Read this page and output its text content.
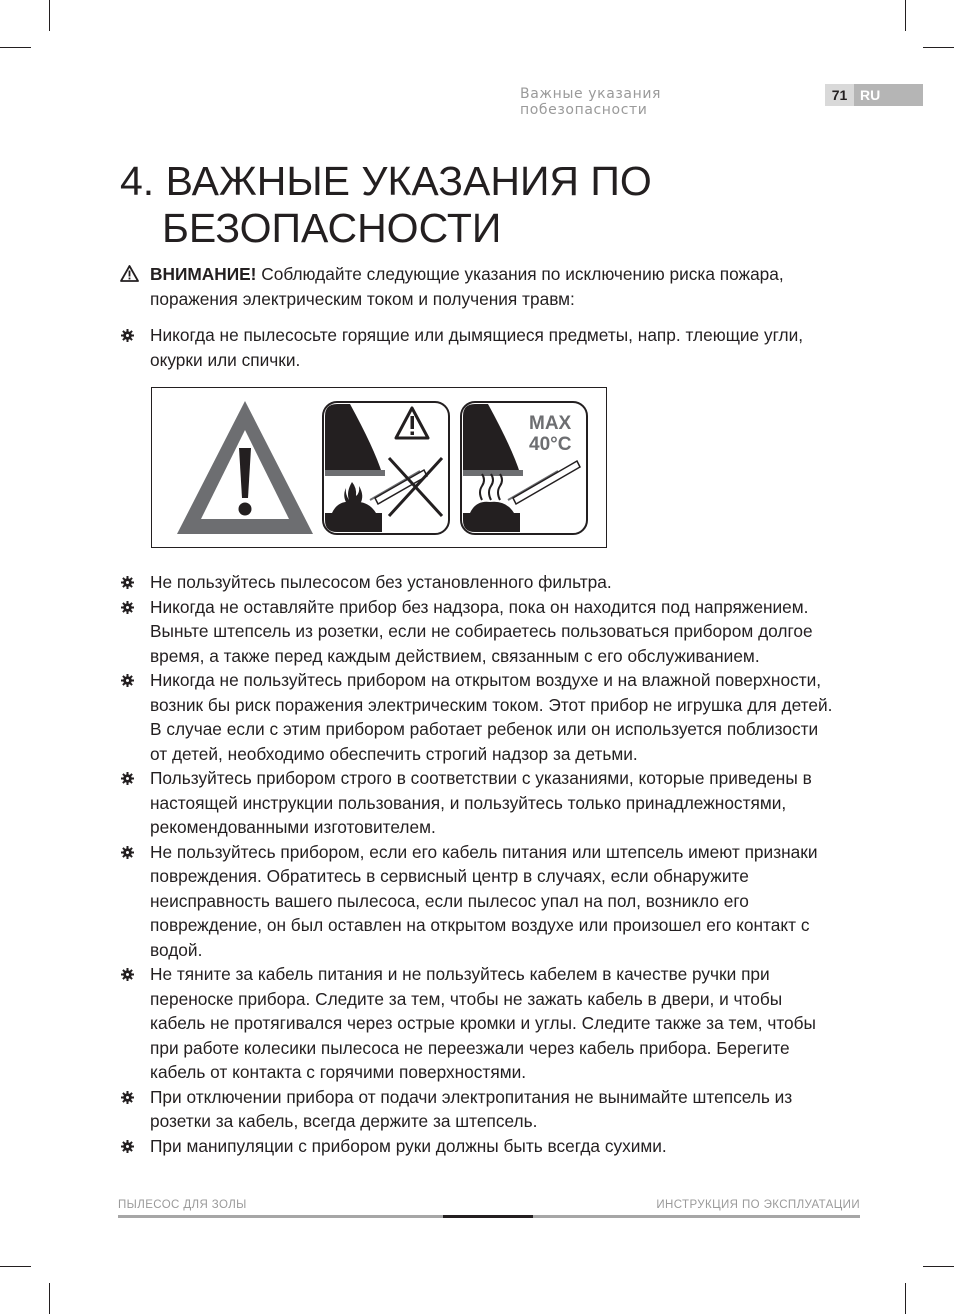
Важные указания побезопасности
71 RU
4. ВАЖНЫЕ УКАЗАНИЯ ПО
БЕЗОПАСНОСТИ
ВНИМАНИЕ! Соблюдайте следующие указания по исключению риска пожара, поражения электрическим током и получения травм:
Никогда не пылесосьте горящие или дымящиеся предметы, напр. тлеющие угли, окурки или спички.
MAX
40°C
Не пользуйтесь пылесосом без установленного фильтра.
Никогда не оставляйте прибор без надзора, пока он находится под напряжением. Выньте штепсель из розетки, если не собираетесь пользоваться прибором долгое время, а также перед каждым действием, связанным с его обслуживанием.
Никогда не пользуйтесь прибором на открытом воздухе и на влажной поверхности, возник бы риск поражения электрическим током. Этот прибор не игрушка для детей. В случае если с этим прибором работает ребенок или он используется поблизости от детей, необходимо обеспечить строгий надзор за детьми.
Пользуйтесь прибором строго в соответствии с указаниями, которые приведены в настоящей инструкции пользования, и пользуйтесь только принадлежностями, рекомендованными изготовителем.
Не пользуйтесь прибором, если его кабель питания или штепсель имеют признаки повреждения. Обратитесь в сервисный центр в случаях, если обнаружите неисправность вашего пылесоса, если пылесос упал на пол, возникло его повреждение, он был оставлен на открытом воздухе или произошел его контакт с водой.
Не тяните за кабель питания и не пользуйтесь кабелем в качестве ручки при переноске прибора. Следите за тем, чтобы не зажать кабель в двери, и чтобы кабель не протягивался через острые кромки и углы. Следите также за тем, чтобы при работе колесики пылесоса не переезжали через кабель прибора. Берегите кабель от контакта с горячими поверхностями.
При отключении прибора от подачи электропитания не вынимайте штепсель из розетки за кабель, всегда держите за штепсель.
При манипуляции с прибором руки должны быть всегда сухими.
ПЫЛЕСОС ДЛЯ ЗОЛЫ	ИНСТРУКЦИЯ ПО ЭКСПЛУАТАЦИИ
